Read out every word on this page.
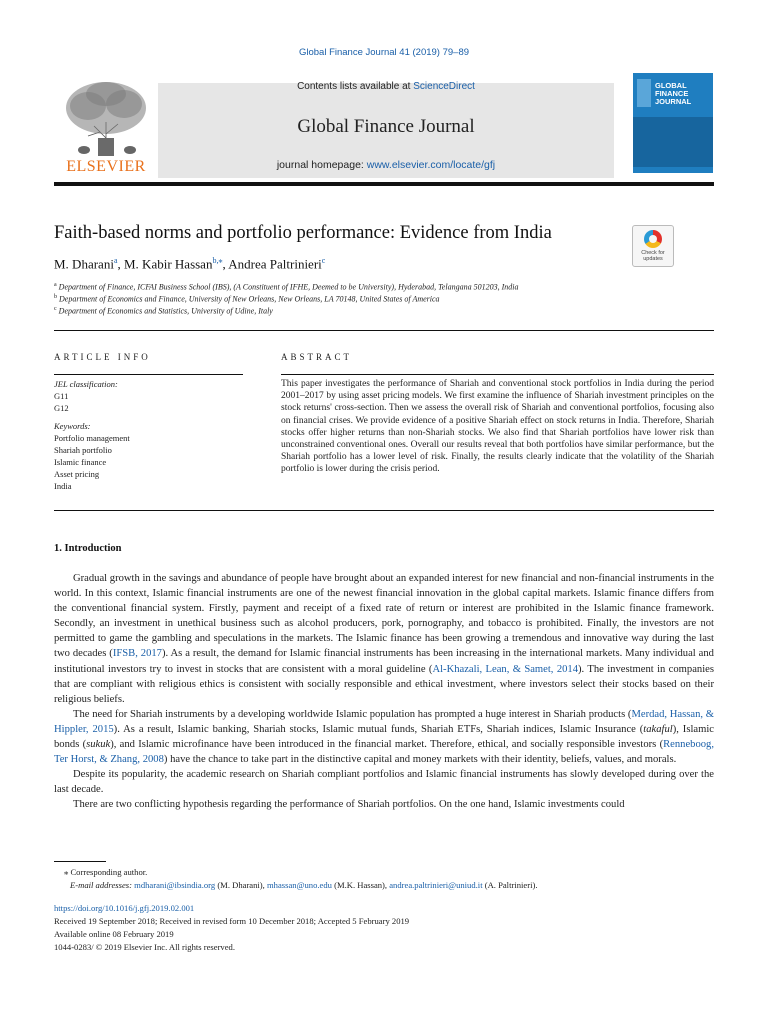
Global Finance Journal 41 (2019) 79–89
ELSEVIER
Contents lists available at ScienceDirect
Global Finance Journal
journal homepage: www.elsevier.com/locate/gfj
GLOBAL
FINANCE
JOURNAL
Faith-based norms and portfolio performance: Evidence from India
Check for updates
M. Dharani$^a$, M. Kabir Hassan$^{b,⁎}$, Andrea Paltrinieri$^c$
$^a$ Department of Finance, ICFAI Business School (IBS), (A Constituent of IFHE, Deemed to be University), Hyderabad, Telangana 501203, India
$^b$ Department of Economics and Finance, University of New Orleans, New Orleans, LA 70148, United States of America
$^c$ Department of Economics and Statistics, University of Udine, Italy
ARTICLE INFO	ABSTRACT
JEL classification:
G11
G12
Keywords:
Portfolio management
Shariah portfolio
Islamic finance
Asset pricing
India
This paper investigates the performance of Shariah and conventional stock portfolios in India during the period 2001–2017 by using asset pricing models. We first examine the influence of Shariah investment principles on the stock returns' cross-section. Then we assess the overall risk of Shariah and conventional portfolios, focusing also on financial crises. We provide evidence of a positive Shariah effect on stock returns in India. Therefore, Shariah stocks offer higher returns than non-Shariah stocks. We also find that Shariah portfolios have lower risk than unconstrained conventional ones. Overall our results reveal that both portfolios have similar performance, but the Shariah portfolio has a lower level of risk. Finally, the results clearly indicate that the volatility of the Shariah portfolio is lower during the crisis period.
1. Introduction

Gradual growth in the savings and abundance of people have brought about an expanded interest for new financial and non-financial instruments in the world. In this context, Islamic financial instruments are one of the newest financial innovation in the global capital markets. Islamic finance differs from the conventional financial system. Firstly, payment and receipt of a fixed rate of return or interest are prohibited in the Islamic finance framework. Secondly, an investment in unethical business such as alcohol producers, pork, pornography, and tobacco is prohibited. Finally, the investors are not permitted to game the gambling and speculations in the markets. The Islamic finance has been growing a tremendous and innovative way during the last two decades (IFSB, 2017). As a result, the demand for Islamic financial instruments has been increasing in the international markets. Many individual and institutional investors try to invest in stocks that are consistent with a moral guideline (Al-Khazali, Lean, & Samet, 2014). The investment in companies that are compliant with religious ethics is consistent with socially responsible and ethical investment, where investors select their stocks based on their religious beliefs.

The need for Shariah instruments by a developing worldwide Islamic population has prompted a huge interest in Shariah products (Merdad, Hassan, & Hippler, 2015). As a result, Islamic banking, Shariah stocks, Islamic mutual funds, Shariah ETFs, Shariah indices, Islamic Insurance (takaful), Islamic bonds (sukuk), and Islamic microfinance have been introduced in the financial market. Therefore, ethical, and socially responsible investors (Renneboog, Ter Horst, & Zhang, 2008) have the chance to take part in the distinctive capital and money markets with their identity, beliefs, values, and morals.

Despite its popularity, the academic research on Shariah compliant portfolios and Islamic financial instruments has slowly developed during over the last decade.

There are two conflicting hypothesis regarding the performance of Shariah portfolios. On the one hand, Islamic investments could

⁎ Corresponding author.
E-mail addresses: mdharani@ibsindia.org (M. Dharani), mhassan@uno.edu (M.K. Hassan), andrea.paltrinieri@uniud.it (A. Paltrinieri).
https://doi.org/10.1016/j.gfj.2019.02.001
Received 19 September 2018; Received in revised form 10 December 2018; Accepted 5 February 2019
Available online 08 February 2019
1044-0283/ © 2019 Elsevier Inc. All rights reserved.
